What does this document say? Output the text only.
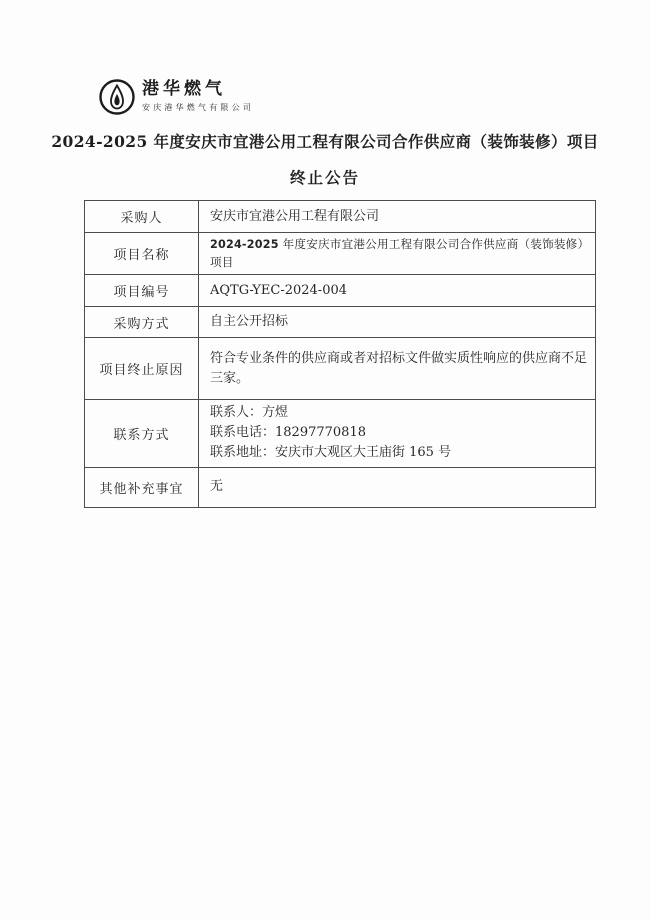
港华燃气
安庆港华燃气有限公司
2024-2025 年度安庆市宜港公用工程有限公司合作供应商（装饰装修）项目
终止公告
采购人	安庆市宜港公用工程有限公司
项目名称	2024-2025 年度安庆市宜港公用工程有限公司合作供应商（装饰装修）项目
项目编号	AQTG-YEC-2024-004
采购方式	自主公开招标
项目终止原因	符合专业条件的供应商或者对招标文件做实质性响应的供应商不足三家。
联系方式	联系人：方煜
联系电话：18297770818
联系地址：安庆市大观区大王庙街 165 号

其他补充事宜	无
